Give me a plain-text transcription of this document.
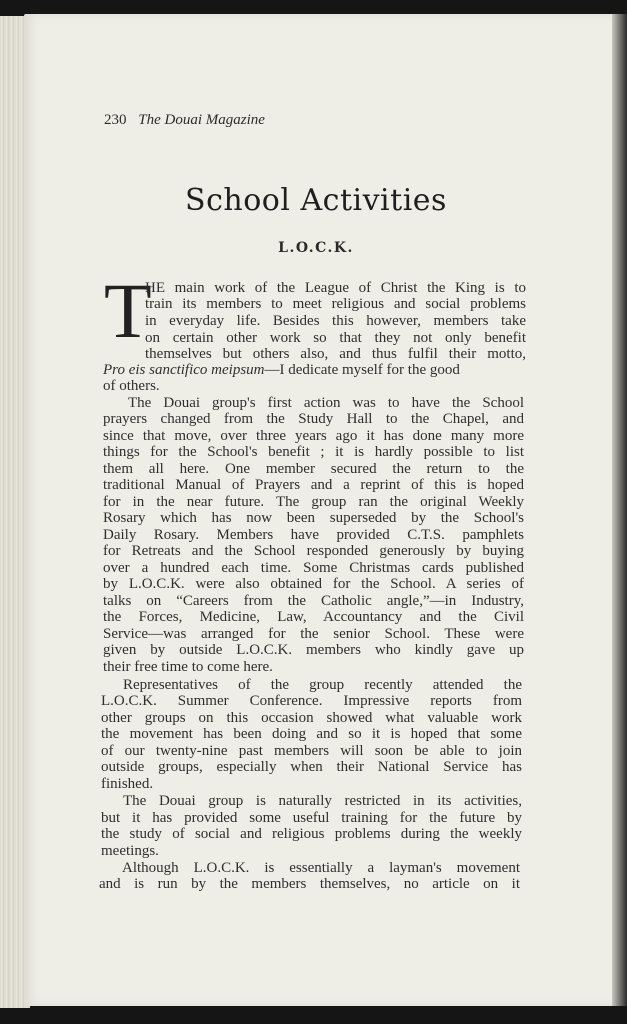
230 The Douai Magazine
School Activities
L.O.C.K.
T
HE main work of the League of Christ the King is to
train its members to meet religious and social problems
in everyday life. Besides this however, members take
on certain other work so that they not only benefit
themselves but others also, and thus fulfil their motto,
Pro eis sanctifico meipsum—I dedicate myself for the good
of others.
The Douai group's first action was to have the School
prayers changed from the Study Hall to the Chapel, and
since that move, over three years ago it has done many more
things for the School's benefit ; it is hardly possible to list
them all here. One member secured the return to the
traditional Manual of Prayers and a reprint of this is hoped
for in the near future. The group ran the original Weekly
Rosary which has now been superseded by the School's
Daily Rosary. Members have provided C.T.S. pamphlets
for Retreats and the School responded generously by buying
over a hundred each time. Some Christmas cards published
by L.O.C.K. were also obtained for the School. A series of
talks on “Careers from the Catholic angle,”—in Industry,
the Forces, Medicine, Law, Accountancy and the Civil
Service—was arranged for the senior School. These were
given by outside L.O.C.K. members who kindly gave up
their free time to come here.
Representatives of the group recently attended the
L.O.C.K. Summer Conference. Impressive reports from
other groups on this occasion showed what valuable work
the movement has been doing and so it is hoped that some
of our twenty-nine past members will soon be able to join
outside groups, especially when their National Service has
finished.
The Douai group is naturally restricted in its activities,
but it has provided some useful training for the future by
the study of social and religious problems during the weekly
meetings.
Although L.O.C.K. is essentially a layman's movement
and is run by the members themselves, no article on it
